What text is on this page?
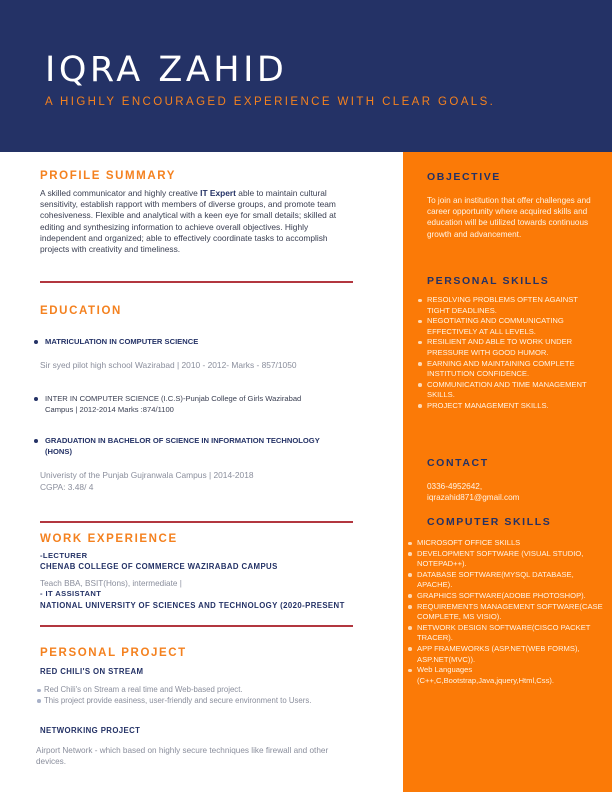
IQRA ZAHID
A HIGHLY ENCOURAGED EXPERIENCE WITH CLEAR GOALS.
PROFILE SUMMARY
A skilled communicator and highly creative IT Expert able to maintain cultural sensitivity, establish rapport with members of diverse groups, and promote team cohesiveness. Flexible and analytical with a keen eye for small details; skilled at editing and synthesizing information to achieve overall objectives. Highly independent and organized; able to effectively coordinate tasks to accomplish projects with creativity and timeliness.
EDUCATION
MATRICULATION IN COMPUTER SCIENCE
Sir syed pilot high school Wazirabad | 2010 - 2012- Marks - 857/1050
INTER IN COMPUTER SCIENCE (I.C.S)-Punjab College of Girls Wazirabad Campus | 2012-2014 Marks :874/1100
GRADUATION IN BACHELOR OF SCIENCE IN INFORMATION TECHNOLOGY (HONS)
Univeristy of the Punjab Gujranwala Campus | 2014-2018
CGPA: 3.48/ 4
WORK EXPERIENCE
-LECTURER
CHENAB COLLEGE OF COMMERCE WAZIRABAD CAMPUS
Teach BBA, BSIT(Hons), intermediate |
- IT ASSISTANT
NATIONAL UNIVERSITY OF SCIENCES AND TECHNOLOGY (2020-PRESENT
PERSONAL PROJECT
RED CHILI'S ON STREAM
Red Chili's on Stream a real time and Web-based project.
This project provide easiness, user-friendly and secure environment to Users.
NETWORKING PROJECT
Airport Network - which based on highly secure techniques like firewall and other devices.
OBJECTIVE
To join an institution that offer challenges and career opportunity where acquired skills and education will be utilized towards continuous growth and advancement.
PERSONAL SKILLS
RESOLVING PROBLEMS OFTEN AGAINST TIGHT DEADLINES.
NEGOTIATING AND COMMUNICATING EFFECTIVELY AT ALL LEVELS.
RESILIENT AND ABLE TO WORK UNDER PRESSURE WITH GOOD HUMOR.
EARNING AND MAINTAINING COMPLETE INSTITUTION CONFIDENCE.
COMMUNICATION AND TIME MANAGEMENT SKILLS.
PROJECT MANAGEMENT SKILLS.
CONTACT
0336-4952642,
iqrazahid871@gmail.com
COMPUTER SKILLS
MICROSOFT OFFICE SKILLS
DEVELOPMENT SOFTWARE (VISUAL STUDIO, NOTEPAD++).
DATABASE SOFTWARE(MYSQL DATABASE, APACHE).
GRAPHICS SOFTWARE(ADOBE PHOTOSHOP).
REQUIREMENTS MANAGEMENT SOFTWARE(CASE COMPLETE, MS VISIO).
NETWORK DESIGN SOFTWARE(CISCO PACKET TRACER).
APP FRAMEWORKS (ASP.NET(WEB FORMS), ASP.NET(MVC)).
Web Languages (C++,C,Bootstrap,Java,jquery,Html,Css).
